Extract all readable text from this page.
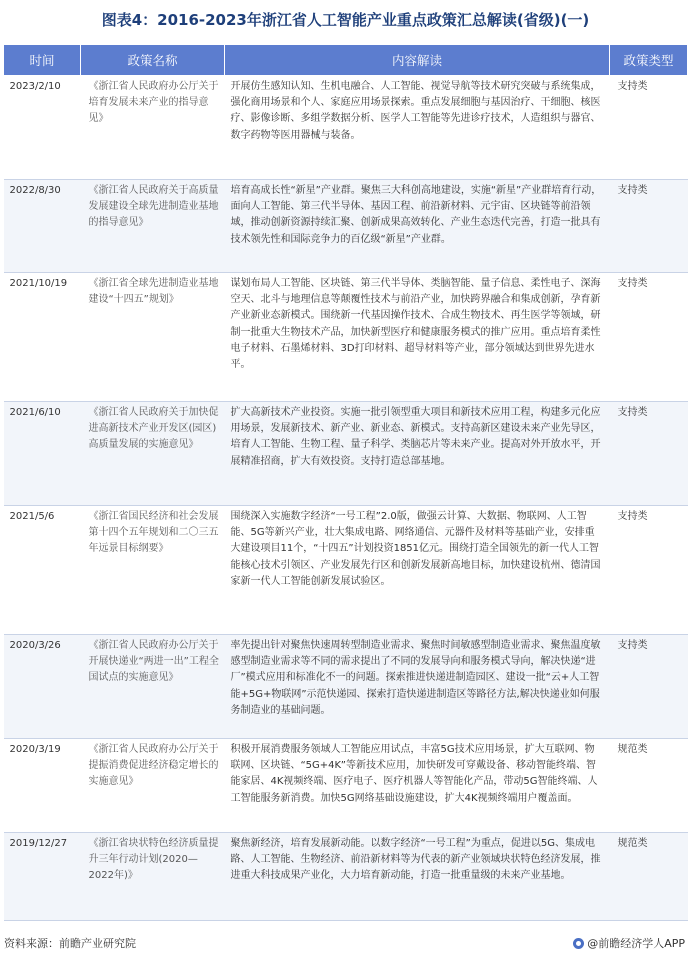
图表4：2016-2023年浙江省人工智能产业重点政策汇总解读(省级)(一)
时间	政策名称	内容解读	政策类型
2023/2/10	《浙江省人民政府办公厅关于培育发展未来产业的指导意见》	开展仿生感知认知、生机电融合、人工智能、视觉导航等技术研究突破与系统集成，强化商用场景和个人、家庭应用场景探索。重点发展细胞与基因治疗、干细胞、核医疗、影像诊断、多组学数据分析、医学人工智能等先进诊疗技术，人造组织与器官、数字药物等医用器械与装备。	支持类
2022/8/30	《浙江省人民政府关于高质量发展建设全球先进制造业基地的指导意见》	培育高成长性“新星”产业群。聚焦三大科创高地建设，实施“新星”产业群培育行动，面向人工智能、第三代半导体、基因工程、前沿新材料、元宇宙、区块链等前沿领域，推动创新资源持续汇聚、创新成果高效转化、产业生态迭代完善，打造一批具有技术领先性和国际竞争力的百亿级“新星”产业群。	支持类
2021/10/19	《浙江省全球先进制造业基地建设“十四五”规划》	谋划布局人工智能、区块链、第三代半导体、类脑智能、量子信息、柔性电子、深海空天、北斗与地理信息等颠覆性技术与前沿产业，加快跨界融合和集成创新，孕育新产业新业态新模式。围绕新一代基因操作技术、合成生物技术、再生医学等领域，研制一批重大生物技术产品，加快新型医疗和健康服务模式的推广应用。重点培育柔性电子材料、石墨烯材料、3D打印材料、超导材料等产业，部分领域达到世界先进水平。	支持类
2021/6/10	《浙江省人民政府关于加快促进高新技术产业开发区(园区)高质量发展的实施意见》	扩大高新技术产业投资。实施一批引领型重大项目和新技术应用工程，构建多元化应用场景，发展新技术、新产业、新业态、新模式。支持高新区建设未来产业先导区，培育人工智能、生物工程、量子科学、类脑芯片等未来产业。提高对外开放水平，开展精准招商，扩大有效投资。支持打造总部基地。	支持类
2021/5/6	《浙江省国民经济和社会发展第十四个五年规划和二〇三五年远景目标纲要》	围绕深入实施数字经济“一号工程”2.0版，做强云计算、大数据、物联网、人工智能、5G等新兴产业，壮大集成电路、网络通信、元器件及材料等基础产业，安排重大建设项目11个，“十四五”计划投资1851亿元。围绕打造全国领先的新一代人工智能核心技术引领区、产业发展先行区和创新发展新高地目标，加快建设杭州、德清国家新一代人工智能创新发展试验区。	支持类
2020/3/26	《浙江省人民政府办公厅关于开展快递业“两进一出”工程全国试点的实施意见》	率先提出针对聚焦快速周转型制造业需求、聚焦时间敏感型制造业需求、聚焦温度敏感型制造业需求等不同的需求提出了不同的发展导向和服务模式导向，解决快递“进厂”模式应用和标准化不一的问题。探索推进快递进制造园区、建设一批“云+人工智能+5G+物联网”示范快递园、探索打造快递进制造区等路径方法,解决快递业如何服务制造业的基础问题。	支持类
2020/3/19	《浙江省人民政府办公厅关于提振消费促进经济稳定增长的实施意见》	积极开展消费服务领域人工智能应用试点，丰富5G技术应用场景，扩大互联网、物联网、区块链、“5G+4K”等新技术应用，加快研发可穿戴设备、移动智能终端、智能家居、4K视频终端、医疗电子、医疗机器人等智能化产品，带动5G智能终端、人工智能服务新消费。加快5G网络基础设施建设，扩大4K视频终端用户覆盖面。	规范类
2019/12/27	《浙江省块状特色经济质量提升三年行动计划(2020—2022年)》	聚焦新经济，培育发展新动能。以数字经济“一号工程”为重点，促进以5G、集成电路、人工智能、生物经济、前沿新材料等为代表的新产业领域块状特色经济发展，推进重大科技成果产业化，大力培育新动能，打造一批重量级的未来产业基地。	规范类
资料来源：前瞻产业研究院	@前瞻经济学人APP
